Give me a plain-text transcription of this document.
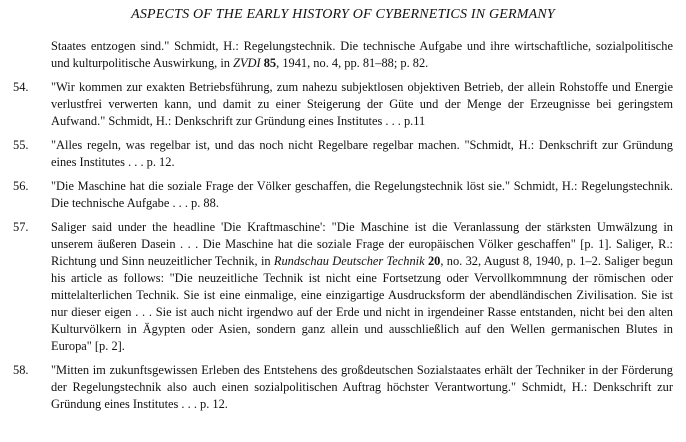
ASPECTS OF THE EARLY HISTORY OF CYBERNETICS IN GERMANY
Staates entzogen sind." Schmidt, H.: Regelungstechnik. Die technische Aufgabe und ihre wirtschaftliche, sozialpolitische und kulturpolitische Auswirkung, in ZVDI 85, 1941, no. 4, pp. 81–88; p. 82.
54.	"Wir kommen zur exakten Betriebsführung, zum nahezu subjektlosen objektiven Betrieb, der allein Rohstoffe und Energie verlustfrei verwerten kann, und damit zu einer Steigerung der Güte und der Menge der Erzeugnisse bei geringstem Aufwand." Schmidt, H.: Denkschrift zur Gründung eines Institutes . . . p.11
55.	"Alles regeln, was regelbar ist, und das noch nicht Regelbare regelbar machen. "Schmidt, H.: Denkschrift zur Gründung eines Institutes . . . p. 12.
56.	"Die Maschine hat die soziale Frage der Völker geschaffen, die Regelungstechnik löst sie." Schmidt, H.: Regelungstechnik. Die technische Aufgabe . . . p. 88.
57.	Saliger said under the headline 'Die Kraftmaschine': "Die Maschine ist die Veranlassung der stärksten Umwälzung in unserem äußeren Dasein . . . Die Maschine hat die soziale Frage der europäischen Völker geschaffen" [p. 1]. Saliger, R.: Richtung und Sinn neuzeitlicher Technik, in Rundschau Deutscher Technik 20, no. 32, August 8, 1940, p. 1–2. Saliger begun his article as follows: "Die neuzeitliche Technik ist nicht eine Fortsetzung oder Vervollkommnung der römischen oder mittelalterlichen Technik. Sie ist eine einmalige, eine einzigartige Ausdrucksform der abendländischen Zivilisation. Sie ist nur dieser eigen . . . Sie ist auch nicht irgendwo auf der Erde und nicht in irgendeiner Rasse entstanden, nicht bei den alten Kulturvölkern in Ägypten oder Asien, sondern ganz allein und ausschließlich auf den Wellen germanischen Blutes in Europa" [p. 2].
58.	"Mitten im zukunftsgewissen Erleben des Entstehens des großdeutschen Sozialstaates erhält der Techniker in der Förderung der Regelungstechnik also auch einen sozialpolitischen Auftrag höchster Verantwortung." Schmidt, H.: Denkschrift zur Gründung eines Institutes . . . p. 12.
